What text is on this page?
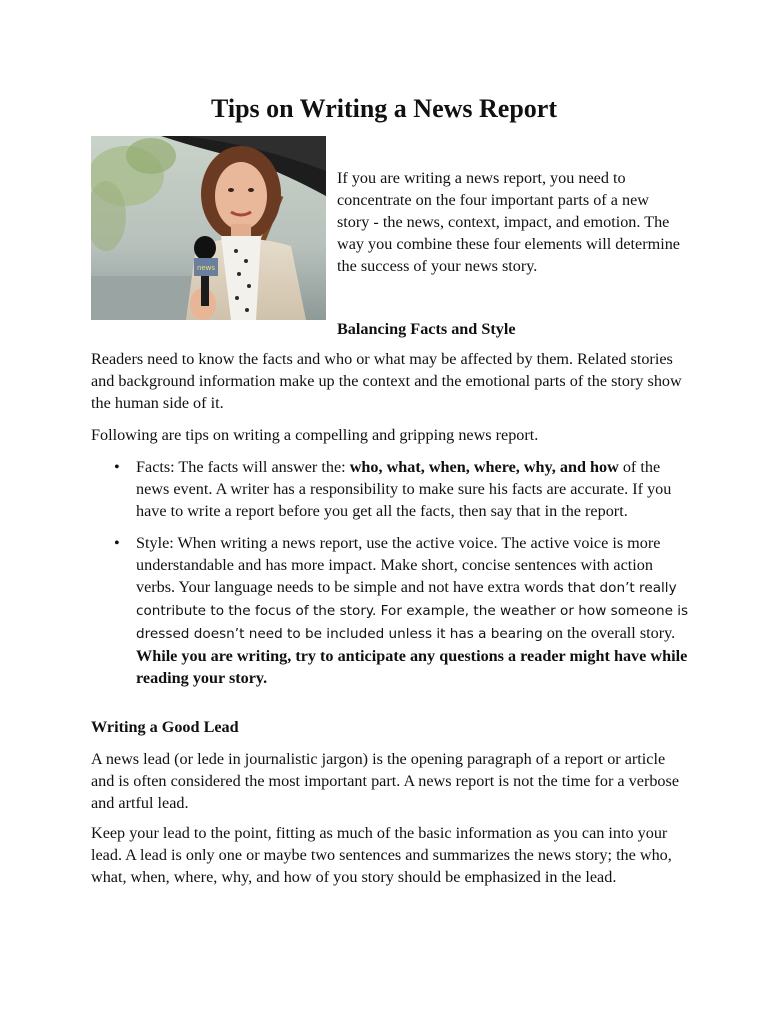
Tips on Writing a News Report
news

If you are writing a news report, you need to concentrate on the four important parts of a new story - the news, context, impact, and emotion. The way you combine these four elements will determine the success of your news story.

Balancing Facts and Style

Readers need to know the facts and who or what may be affected by them. Related stories and background information make up the context and the emotional parts of the story show the human side of it.

Following are tips on writing a compelling and gripping news report.

• Facts: The facts will answer the: who, what, when, where, why, and how of the news event. A writer has a responsibility to make sure his facts are accurate. If you have to write a report before you get all the facts, then say that in the report.
• Style: When writing a news report, use the active voice. The active voice is more understandable and has more impact. Make short, concise sentences with action verbs. Your language needs to be simple and not have extra words that don’t really contribute to the focus of the story. For example, the weather or how someone is dressed doesn’t need to be included unless it has a bearing on the overall story. While you are writing, try to anticipate any questions a reader might have while reading your story.

Writing a Good Lead

A news lead (or lede in journalistic jargon) is the opening paragraph of a report or article and is often considered the most important part. A news report is not the time for a verbose and artful lead.

Keep your lead to the point, fitting as much of the basic information as you can into your lead. A lead is only one or maybe two sentences and summarizes the news story; the who, what, when, where, why, and how of you story should be emphasized in the lead.
